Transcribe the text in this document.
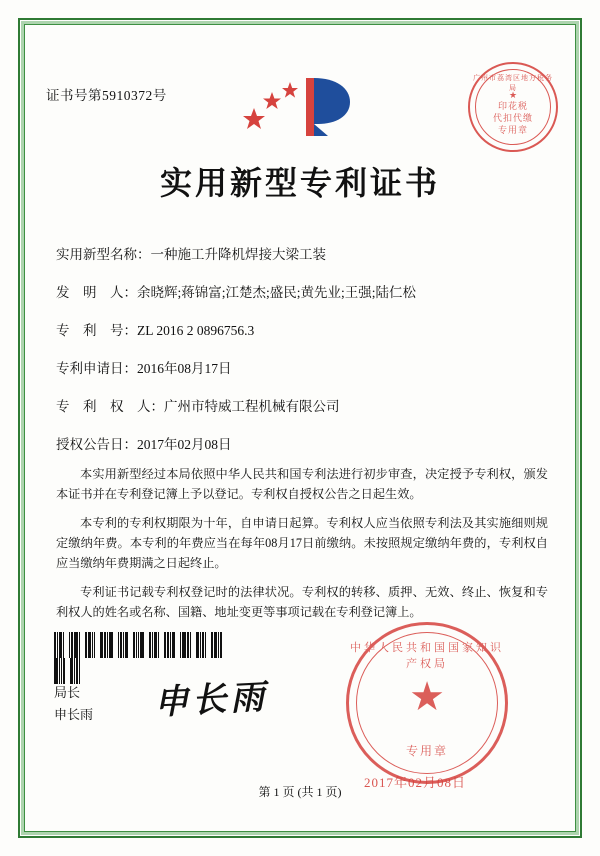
证书号第5910372号
广州市荔湾区地方税务局
★
印花税
代扣代缴
专用章
实用新型专利证书
实用新型名称：一种施工升降机焊接大梁工装
发　明　人：余晓辉;蒋锦富;江楚杰;盛民;黄先业;王强;陆仁松
专　利　号：ZL 2016 2 0896756.3
专利申请日：2016年08月17日
专　利　权　人：广州市特威工程机械有限公司
授权公告日：2017年02月08日

本实用新型经过本局依照中华人民共和国专利法进行初步审查，决定授予专利权，颁发本证书并在专利登记簿上予以登记。专利权自授权公告之日起生效。

本专利的专利权期限为十年，自申请日起算。专利权人应当依照专利法及其实施细则规定缴纳年费。本专利的年费应当在每年08月17日前缴纳。未按照规定缴纳年费的，专利权自应当缴纳年费期满之日起终止。

专利证书记载专利权登记时的法律状况。专利权的转移、质押、无效、终止、恢复和专利权人的姓名或名称、国籍、地址变更等事项记载在专利登记簿上。

局长
申长雨 申长雨
中华人民共和国国家知识产权局
★
专用章
2017年02月08日
第 1 页 (共 1 页)
